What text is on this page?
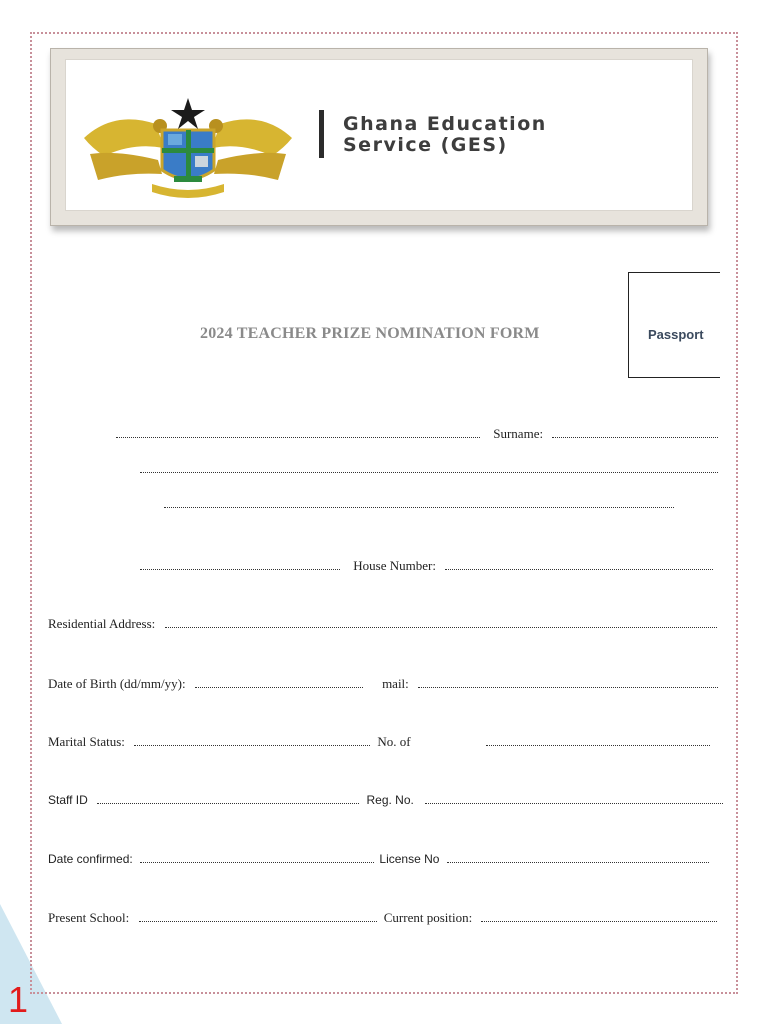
1
Ghana Education
Service (GES)
Passport
2024 TEACHER PRIZE NOMINATION FORM
Surname:
House Number:
Residential Address:
Date of Birth (dd/mm/yy):	mail:
Marital Status:	No. of
Staff ID	Reg. No.
Date confirmed:	License No
Present School:	Current position:
